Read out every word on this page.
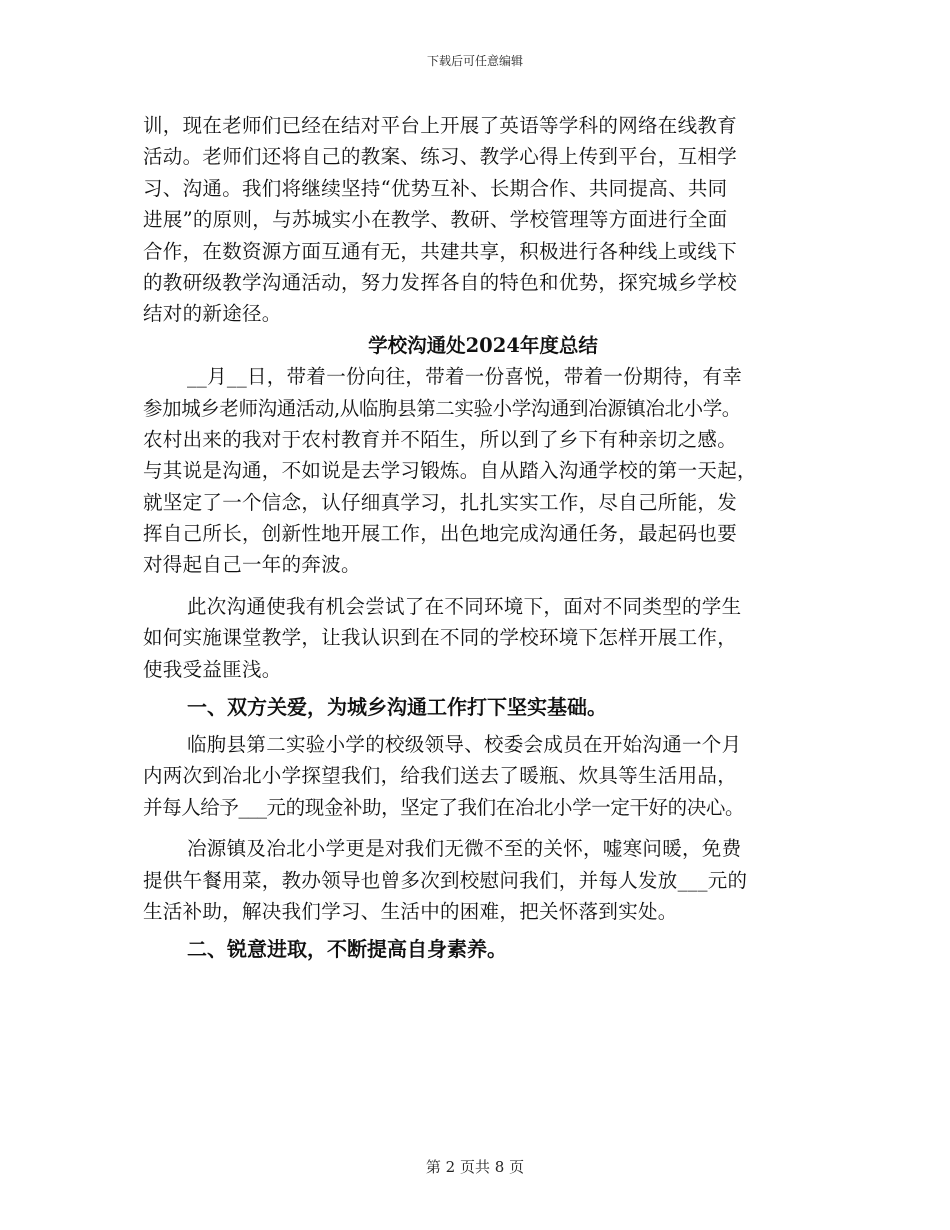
下载后可任意编辑
训，现在老师们已经在结对平台上开展了英语等学科的网络在线教育
活动。老师们还将自己的教案、练习、教学心得上传到平台，互相学
习、沟通。我们将继续坚持“优势互补、长期合作、共同提高、共同
进展”的原则，与苏城实小在教学、教研、学校管理等方面进行全面
合作，在数资源方面互通有无，共建共享，积极进行各种线上或线下
的教研级教学沟通活动，努力发挥各自的特色和优势，探究城乡学校
结对的新途径。
学校沟通处2024年度总结
__月__日，带着一份向往，带着一份喜悦，带着一份期待，有幸
参加城乡老师沟通活动,从临朐县第二实验小学沟通到冶源镇冶北小学。
农村出来的我对于农村教育并不陌生，所以到了乡下有种亲切之感。
与其说是沟通，不如说是去学习锻炼。自从踏入沟通学校的第一天起，
就坚定了一个信念，认仔细真学习，扎扎实实工作，尽自己所能，发
挥自己所长，创新性地开展工作，出色地完成沟通任务，最起码也要
对得起自己一年的奔波。
此次沟通使我有机会尝试了在不同环境下，面对不同类型的学生
如何实施课堂教学，让我认识到在不同的学校环境下怎样开展工作，
使我受益匪浅。
一、双方关爱，为城乡沟通工作打下坚实基础。
临朐县第二实验小学的校级领导、校委会成员在开始沟通一个月
内两次到冶北小学探望我们，给我们送去了暖瓶、炊具等生活用品，
并每人给予___元的现金补助，坚定了我们在冶北小学一定干好的决心。
冶源镇及冶北小学更是对我们无微不至的关怀，嘘寒问暖，免费
提供午餐用菜，教办领导也曾多次到校慰问我们，并每人发放___元的
生活补助，解决我们学习、生活中的困难，把关怀落到实处。
二、锐意进取，不断提高自身素养。
第 2 页共 8 页
